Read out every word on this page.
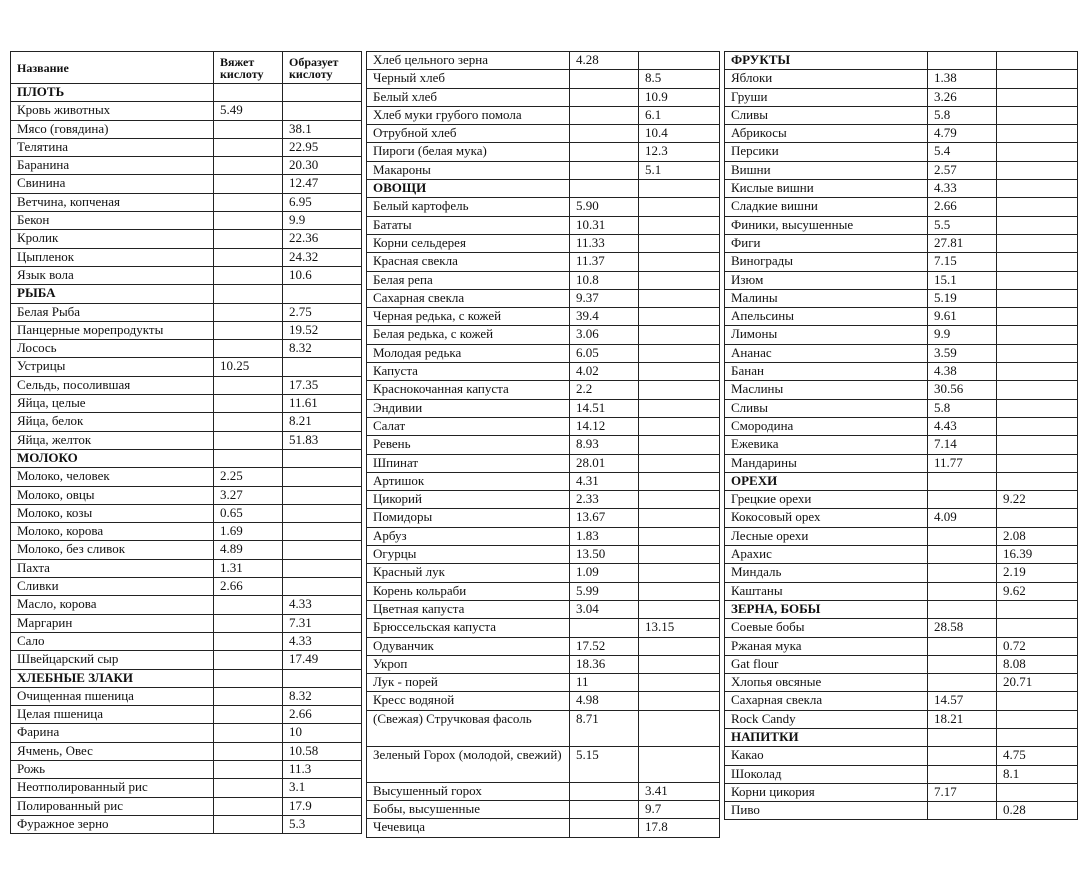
Название	Вяжет кислоту	Образует кислоту
ПЛОТЬ		
Кровь животных	5.49	
Мясо (говядина)		38.1
Телятина		22.95
Баранина		20.30
Свинина		12.47
Ветчина, копченая		6.95
Бекон		9.9
Кролик		22.36
Цыпленок		24.32
Язык вола		10.6
РЫБА		
Белая Рыба		2.75
Панцерные морепродукты		19.52
Лосось		8.32
Устрицы	10.25	
Сельдь, посолившая		17.35
Яйца, целые		11.61
Яйца, белок		8.21
Яйца, желток		51.83
МОЛОКО		
Молоко, человек	2.25	
Молоко, овцы	3.27	
Молоко, козы	0.65	
Молоко, корова	1.69	
Молоко, без сливок	4.89	
Пахта	1.31	
Сливки	2.66	
Масло, корова		4.33
Маргарин		7.31
Сало		4.33
Швейцарский сыр		17.49
ХЛЕБНЫЕ ЗЛАКИ		
Очищенная пшеница		8.32
Целая пшеница		2.66
Фарина		10
Ячмень, Овес		10.58
Рожь		11.3
Неотполированный рис		3.1
Полированный рис		17.9
Фуражное зерно		5.3
Хлеб цельного зерна	4.28	
Черный хлеб		8.5
Белый хлеб		10.9
Хлеб муки грубого помола		6.1
Отрубной хлеб		10.4
Пироги (белая мука)		12.3
Макароны		5.1
ОВОЩИ		
Белый картофель	5.90	
Бататы	10.31	
Корни сельдерея	11.33	
Красная свекла	11.37	
Белая репа	10.8	
Сахарная свекла	9.37	
Черная редька, с кожей	39.4	
Белая редька, с кожей	3.06	
Молодая редька	6.05	
Капуста	4.02	
Краснокочанная капуста	2.2	
Эндивии	14.51	
Салат	14.12	
Ревень	8.93	
Шпинат	28.01	
Артишок	4.31	
Цикорий	2.33	
Помидоры	13.67	
Арбуз	1.83	
Огурцы	13.50	
Красный лук	1.09	
Корень кольраби	5.99	
Цветная капуста	3.04	
Брюссельская капуста		13.15
Одуванчик	17.52	
Укроп	18.36	
Лук - порей	11	
Кресс водяной	4.98	
(Свежая) Стручковая фасоль	8.71	
Зеленый Горох (молодой, свежий)	5.15	
Высушенный горох		3.41
Бобы, высушенные		9.7
Чечевица		17.8
ФРУКТЫ		
Яблоки	1.38	
Груши	3.26	
Сливы	5.8	
Абрикосы	4.79	
Персики	5.4	
Вишни	2.57	
Кислые вишни	4.33	
Сладкие вишни	2.66	
Финики, высушенные	5.5	
Фиги	27.81	
Винограды	7.15	
Изюм	15.1	
Малины	5.19	
Апельсины	9.61	
Лимоны	9.9	
Ананас	3.59	
Банан	4.38	
Маслины	30.56	
Сливы	5.8	
Смородина	4.43	
Ежевика	7.14	
Мандарины	11.77	
ОРЕХИ		
Грецкие орехи		9.22
Кокосовый орех	4.09	
Лесные орехи		2.08
Арахис		16.39
Миндаль		2.19
Каштаны		9.62
ЗЕРНА, БОБЫ		
Соевые бобы	28.58	
Ржаная мука		0.72
Gat flour		8.08
Хлопья овсяные		20.71
Сахарная свекла	14.57	
Rock Candy	18.21	
НАПИТКИ		
Какао		4.75
Шоколад		8.1
Корни цикория	7.17	
Пиво		0.28
